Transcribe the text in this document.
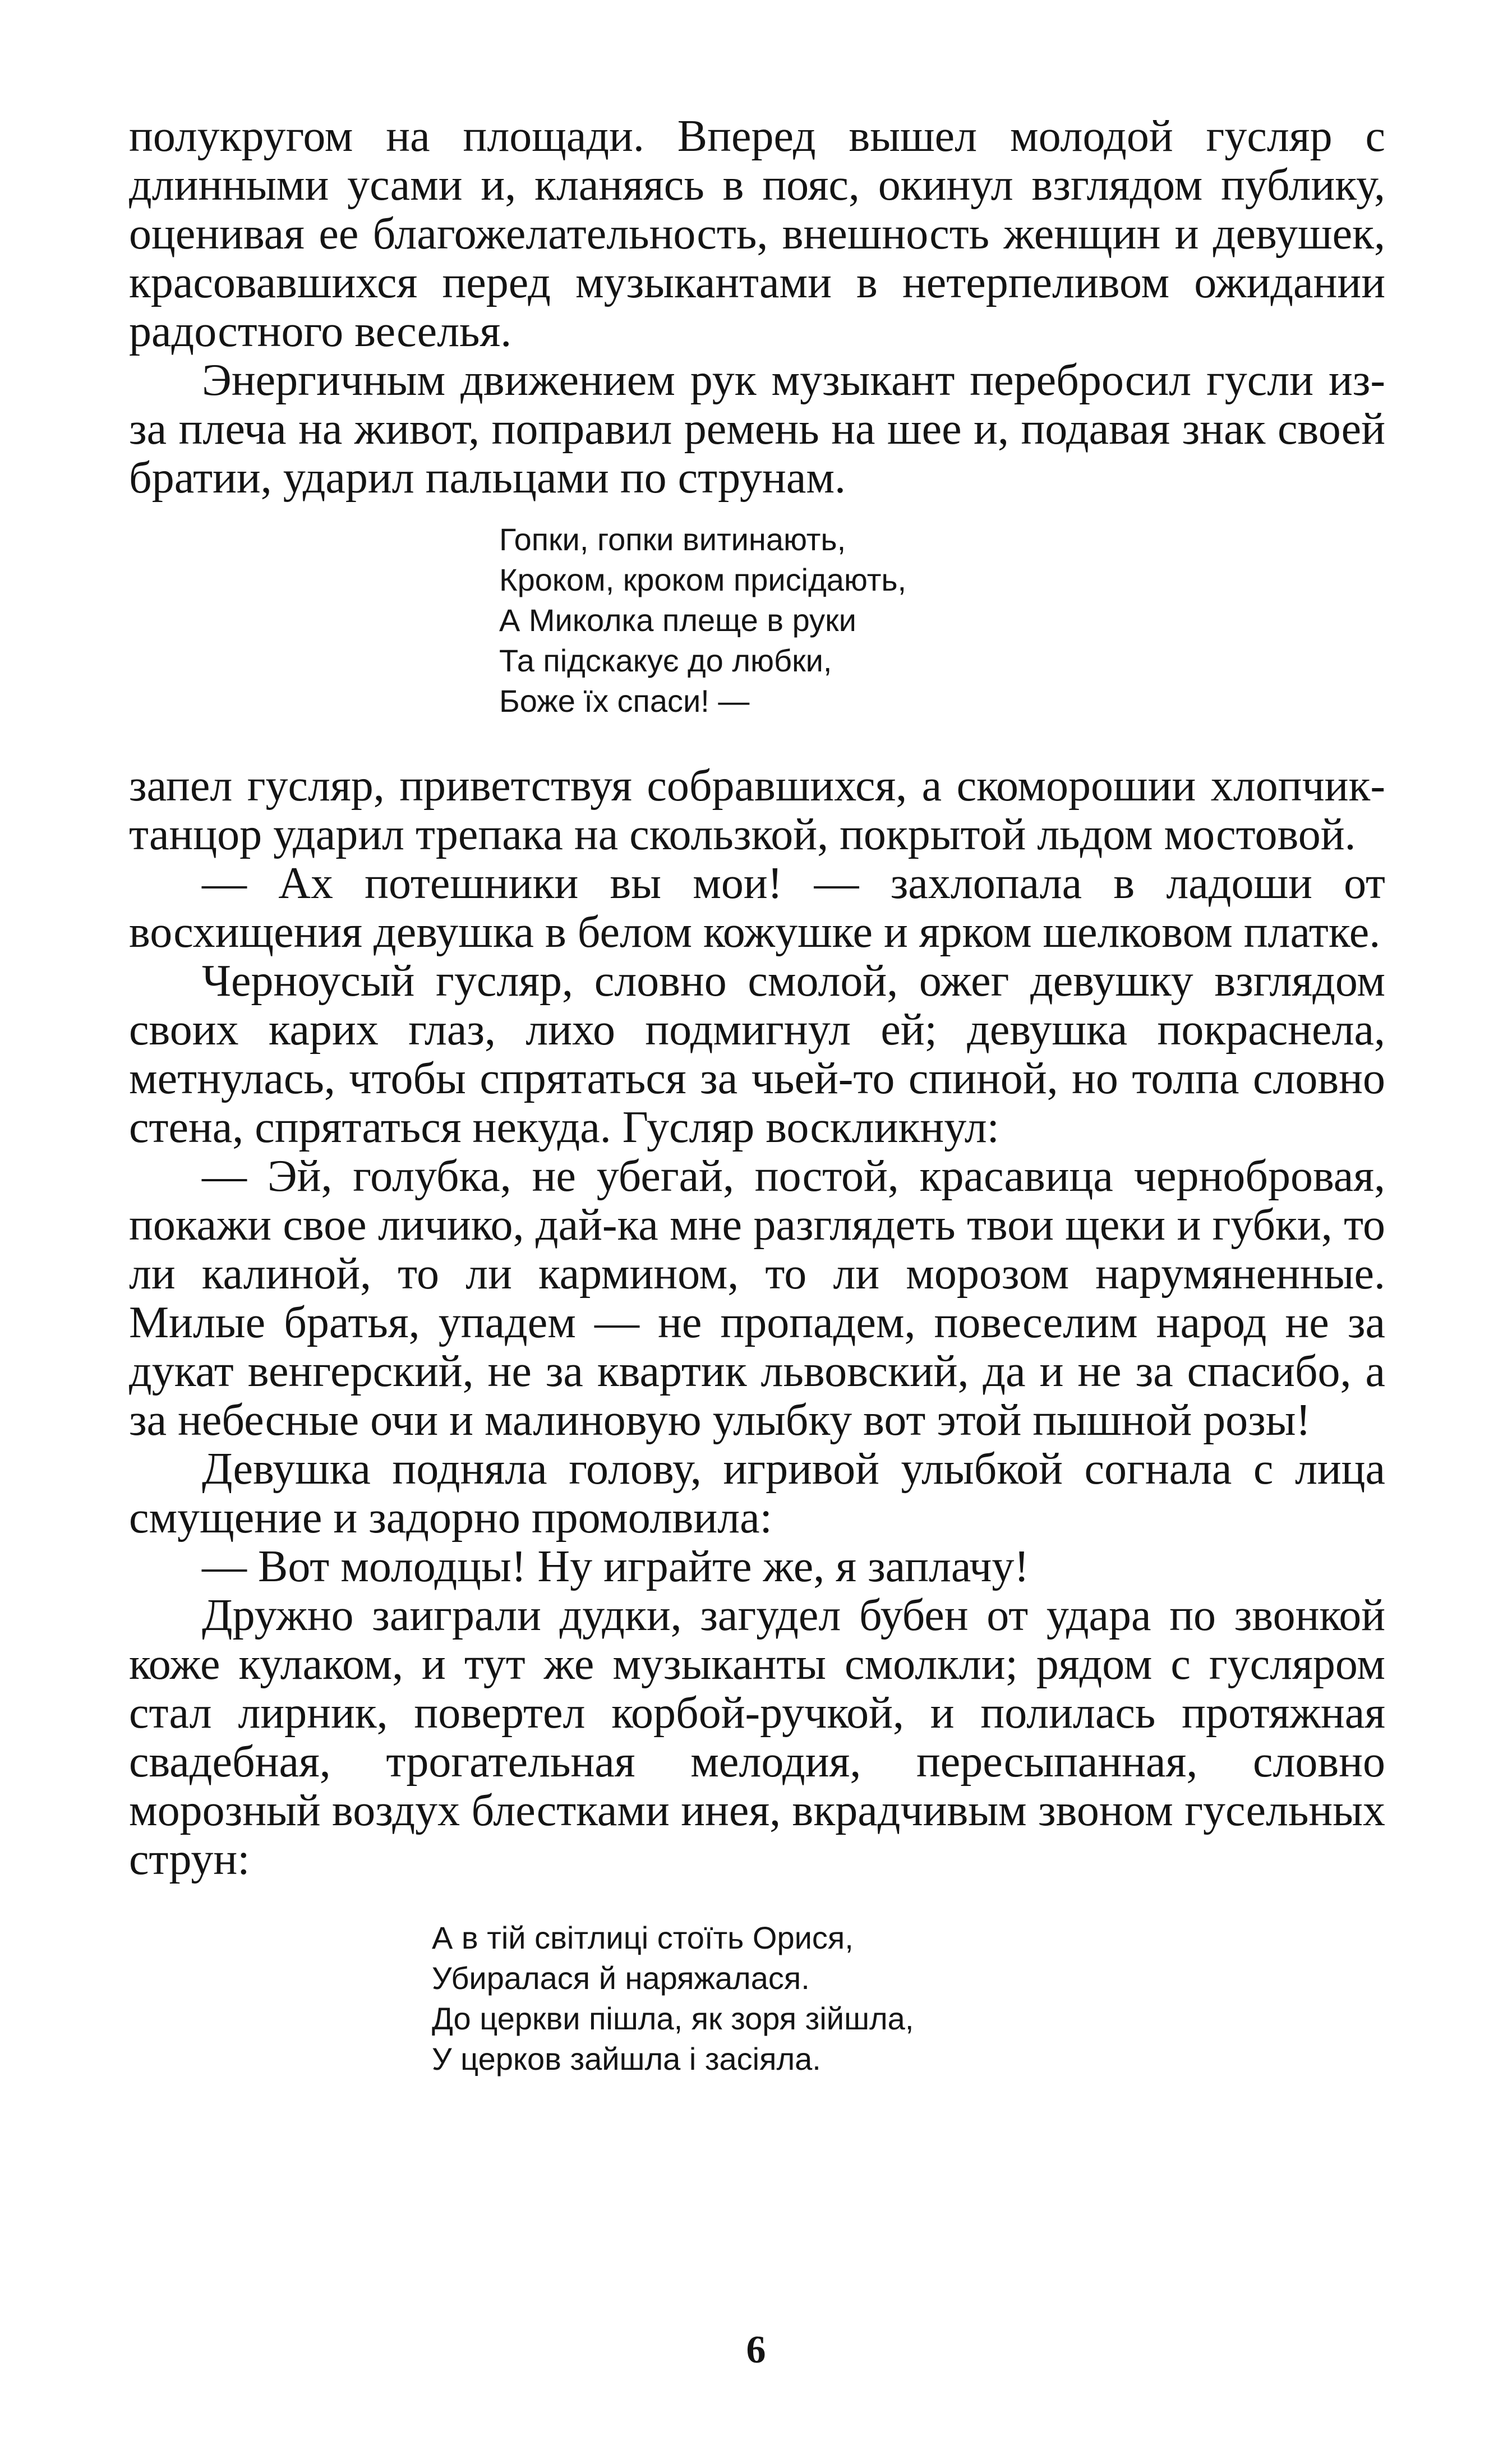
полукругом на площади. Вперед вышел молодой гусляр с длинными усами и, кланяясь в пояс, окинул взглядом публику, оценивая ее благожелательность, внешность женщин и девушек, красовавшихся перед музыкантами в нетерпеливом ожидании радостного веселья.

Энергичным движением рук музыкант перебросил гусли из-за плеча на живот, поправил ремень на шее и, подавая знак своей братии, ударил пальцами по струнам.

Гопки, гопки витинають,
Кроком, кроком присідають,
А Миколка плеще в руки
Та підскакує до любки,
Боже їх спаси! —

запел гусляр, приветствуя собравшихся, а скоморошии хлопчик-танцор ударил трепака на скользкой, покрытой льдом мостовой.

— Ах потешники вы мои! — захлопала в ладоши от восхищения девушка в белом кожушке и ярком шелковом платке.

Черноусый гусляр, словно смолой, ожег девушку взглядом своих карих глаз, лихо подмигнул ей; девушка покраснела, метнулась, чтобы спрятаться за чьей-то спиной, но толпа словно стена, спрятаться некуда. Гусляр воскликнул:

— Эй, голубка, не убегай, постой, красавица чернобровая, покажи свое личико, дай-ка мне разглядеть твои щеки и губки, то ли калиной, то ли кармином, то ли морозом нарумяненные. Милые братья, упадем — не пропадем, повеселим народ не за дукат венгерский, не за квартик львовский, да и не за спасибо, а за небесные очи и малиновую улыбку вот этой пышной розы!

Девушка подняла голову, игривой улыбкой согнала с лица смущение и задорно промолвила:

— Вот молодцы! Ну играйте же, я заплачу!

Дружно заиграли дудки, загудел бубен от удара по звонкой коже кулаком, и тут же музыканты смолкли; рядом с гусляром стал лирник, повертел корбой-ручкой, и полилась протяжная свадебная, трогательная мелодия, пересыпанная, словно морозный воздух блестками инея, вкрадчивым звоном гусельных струн:

А в тій світлиці стоїть Орися,
Убиралася й наряжалася.
До церкви пішла, як зоря зійшла,
У церков зайшла і засіяла.
6
